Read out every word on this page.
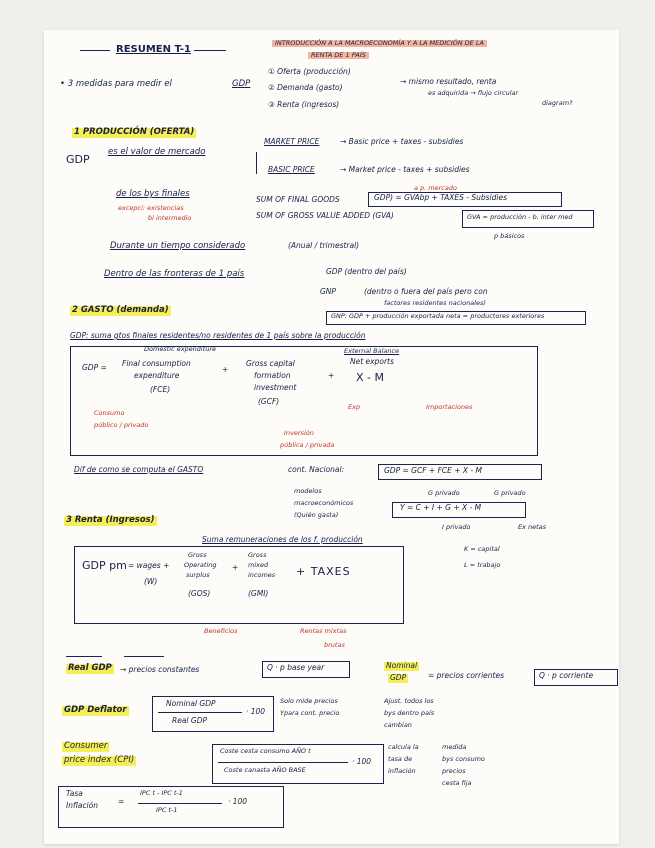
RESUMEN T-1
INTRODUCCIÓN A LA MACROECONOMÍA Y A LA MEDICIÓN DE LA
RENTA DE 1 PAÍS
• 3 medidas para medir el	GDP
① Oferta (producción)
② Demanda (gasto)
③ Renta (ingresos)
→ mismo resultado, renta
es adquirida → flujo circular
diagram?
1 PRODUCCIÓN (OFERTA)
GDP
es el valor de mercado
MARKET PRICE	→ Basic price + taxes - subsidies
BASIC PRICE	→ Market price - taxes + subsidies
de los bys finales
excepci: existencias
bi intermedio
a p. mercado
SUM OF FINAL GOODS	GDP) = GVAbp + TAXES - Subsidies
SUM OF GROSS VALUE ADDED (GVA)	GVA = producción - b. inter med
p básicos
Durante un tiempo considerado	(Anual / trimestral)
Dentro de las fronteras de 1 país	GDP (dentro del país)
GNP	(dentro o fuera del país pero con
factores residentes nacionales)
GNP: GDP + producción exportada neta = productores exteriores
2 GASTO (demanda)
GDP: suma gtos finales residentes/no residentes de 1 país sobre la producción
Domestic expenditure	External Balance
GDP = Final consumption
expenditure
(FCE)
+
Gross capital
formation
investment
(GCF)
+
Net exports
X - M
Consumo
público / privado
Inversión
pública / privada
Exp	Importaciones
Dif de como se computa el GASTO	cont. Nacional:	GDP = GCF + FCE + X - M
modelos
macroeconómicos
(Quién gasta)
G privado	G privado
Y = C + I + G + X - M
I privado	Ex netas
3 Renta (Ingresos)
Suma remuneraciones de los f. producción
K = capital
L = trabajo
GDP pm = wages +
(W)
Gross
Operating
surplus
(GOS)
+
Gross
mixed
incomes
(GMI)
+ TAXES
Beneficios	Rentas mixtas
brutas
Real GDP → precios constantes	Q · p base year	Nominal
GDP	= precios corrientes	Q · p corriente
GDP Deflator
Nominal GDP
Real GDP
· 100
Solo mide precios
Ypara cont. precio
Ajust. todos los
bys dentro país
cambian
Consumer
price index (CPI)
Coste cesta consumo AÑO t
Coste canasta AÑO BASE
· 100
calcula la
tasa de
inflación
medida
bys consumo
precios
cesta fija
Tasa
Inflación	=
IPC t - IPC t-1
IPC t-1
· 100
